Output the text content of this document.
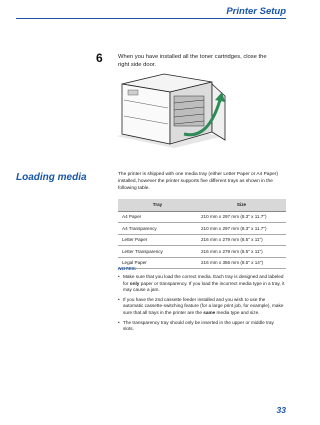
Printer Setup
6	When you have installed all the toner cartridges, close the right side door.
Loading media	The printer is shipped with one media tray (either Letter Paper or A4 Paper) installed, however the printer supports five different trays as shown in the following table.
Tray	Size
A4 Paper	210 mm x 297 mm (8.3" x 11.7")
A4 Transparency	210 mm x 297 mm (8.3" x 11.7")
Letter Paper	216 mm x 279 mm (8.5" x 11")
Letter Transparency	216 mm x 279 mm (8.5" x 11")
Legal Paper	216 mm x 356 mm (8.5" x 14")
NOTES:
• Make sure that you load the correct media. Each tray is designed and labeled for only paper or transparency. If you load the incorrect media type in a tray, it may cause a jam.
• If you have the 2nd cassette feeder installed and you wish to use the automatic cassette-switching feature (for a large print job, for example), make sure that all trays in the printer are the same media type and size.
• The transparency tray should only be inserted in the upper or middle tray slots.
33
